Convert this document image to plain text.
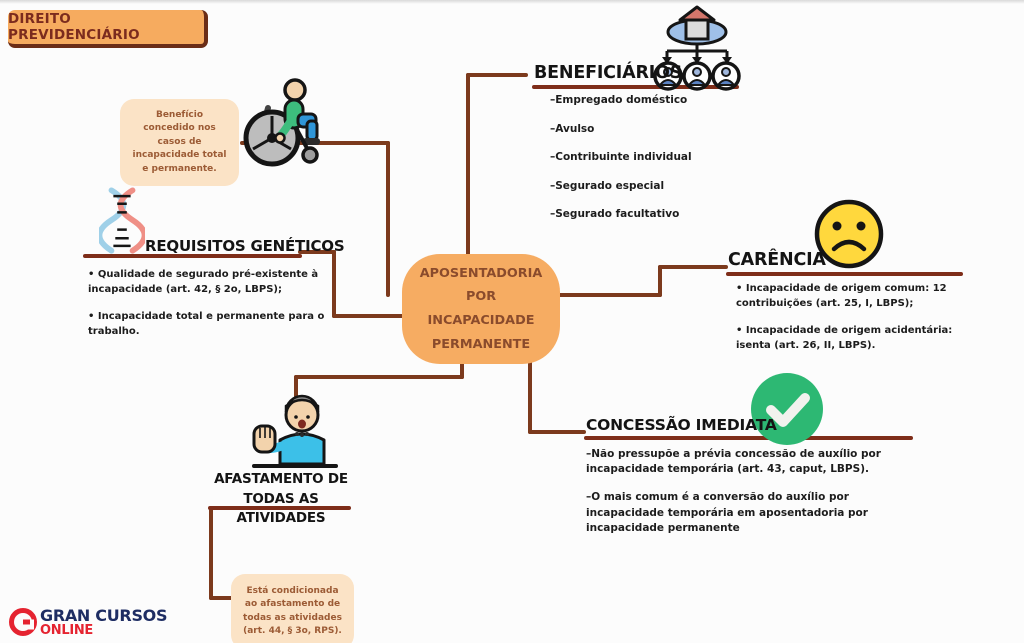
DIREITO PREVIDENCIÁRIO
APOSENTADORIA POR INCAPACIDADE PERMANENTE
Benefício concedido nos casos de incapacidade total e permanente.
Está condicionada ao afastamento de todas as atividades (art. 44, § 3o, RPS).
REQUISITOS GENÉTICOS
BENEFICIÁRIOS
CARÊNCIA
CONCESSÃO IMEDIATA
AFASTAMENTO DE TODAS AS ATIVIDADES
–Empregado doméstico
–Avulso
–Contribuinte individual
–Segurado especial
–Segurado facultativo

• Qualidade de segurado pré-existente à incapacidade (art. 42, § 2o, LBPS);

• Incapacidade total e permanente para o trabalho.

• Incapacidade de origem comum: 12 contribuições (art. 25, I, LBPS);

• Incapacidade de origem acidentária: isenta (art. 26, II, LBPS).

–Não pressupõe a prévia concessão de auxílio por incapacidade temporária (art. 43, caput, LBPS).

–O mais comum é a conversão do auxílio por incapacidade temporária em aposentadoria por incapacidade permanente

GRAN CURSOS
ONLINE
